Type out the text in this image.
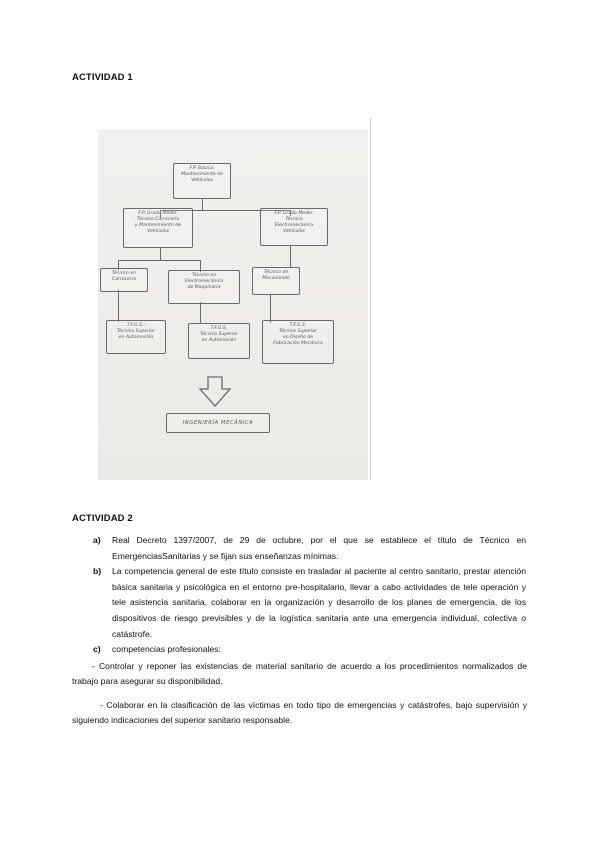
ACTIVIDAD 1
F.P. Básica:
Mantenimiento de
Vehículos
F.P. Grado Medio:
Técnico Carrocería
y Mantenimiento de
Vehículos
F.P. Grado Medio:
Técnico
Electromecánica
Vehículos
Técnico en
Carrocería
Técnico en
Electromecánica
de Maquinaria
Técnico de
Mecanizado
T.F.G.S.:
Técnico Superior
en Automoción
T.F.G.S.
Técnico Superior
en Automoción
T.F.G.S.
Técnico Superior
en Diseño de
Fabricación Mecánica
INGENIERÍA MECÁNICA
ACTIVIDAD 2
a) Real Decreto 1397/2007, de 29 de octubre, por el que se establece el título de Técnico en EmergenciasSanitarias y se fijan sus enseñanzas mínimas.
b) La competencia general de este título consiste en trasladar al paciente al centro sanitario, prestar atención básica sanitaria y psicológica en el entorno pre-hospitalario, llevar a cabo actividades de tele operación y tele asistencia sanitaria, colaborar en la organización y desarrollo de los planes de emergencia, de los dispositivos de riesgo previsibles y de la logística sanitaria ante una emergencia individual, colectiva o catástrofe.
c) competencias profesionales:
- Controlar y reponer las existencias de material sanitario de acuerdo a los procedimientos normalizados de trabajo para asegurar su disponibilidad.
- Colaborar en la clasificación de las víctimas en todo tipo de emergencias y catástrofes, bajo supervisión y siguiendo indicaciones del superior sanitario responsable.
